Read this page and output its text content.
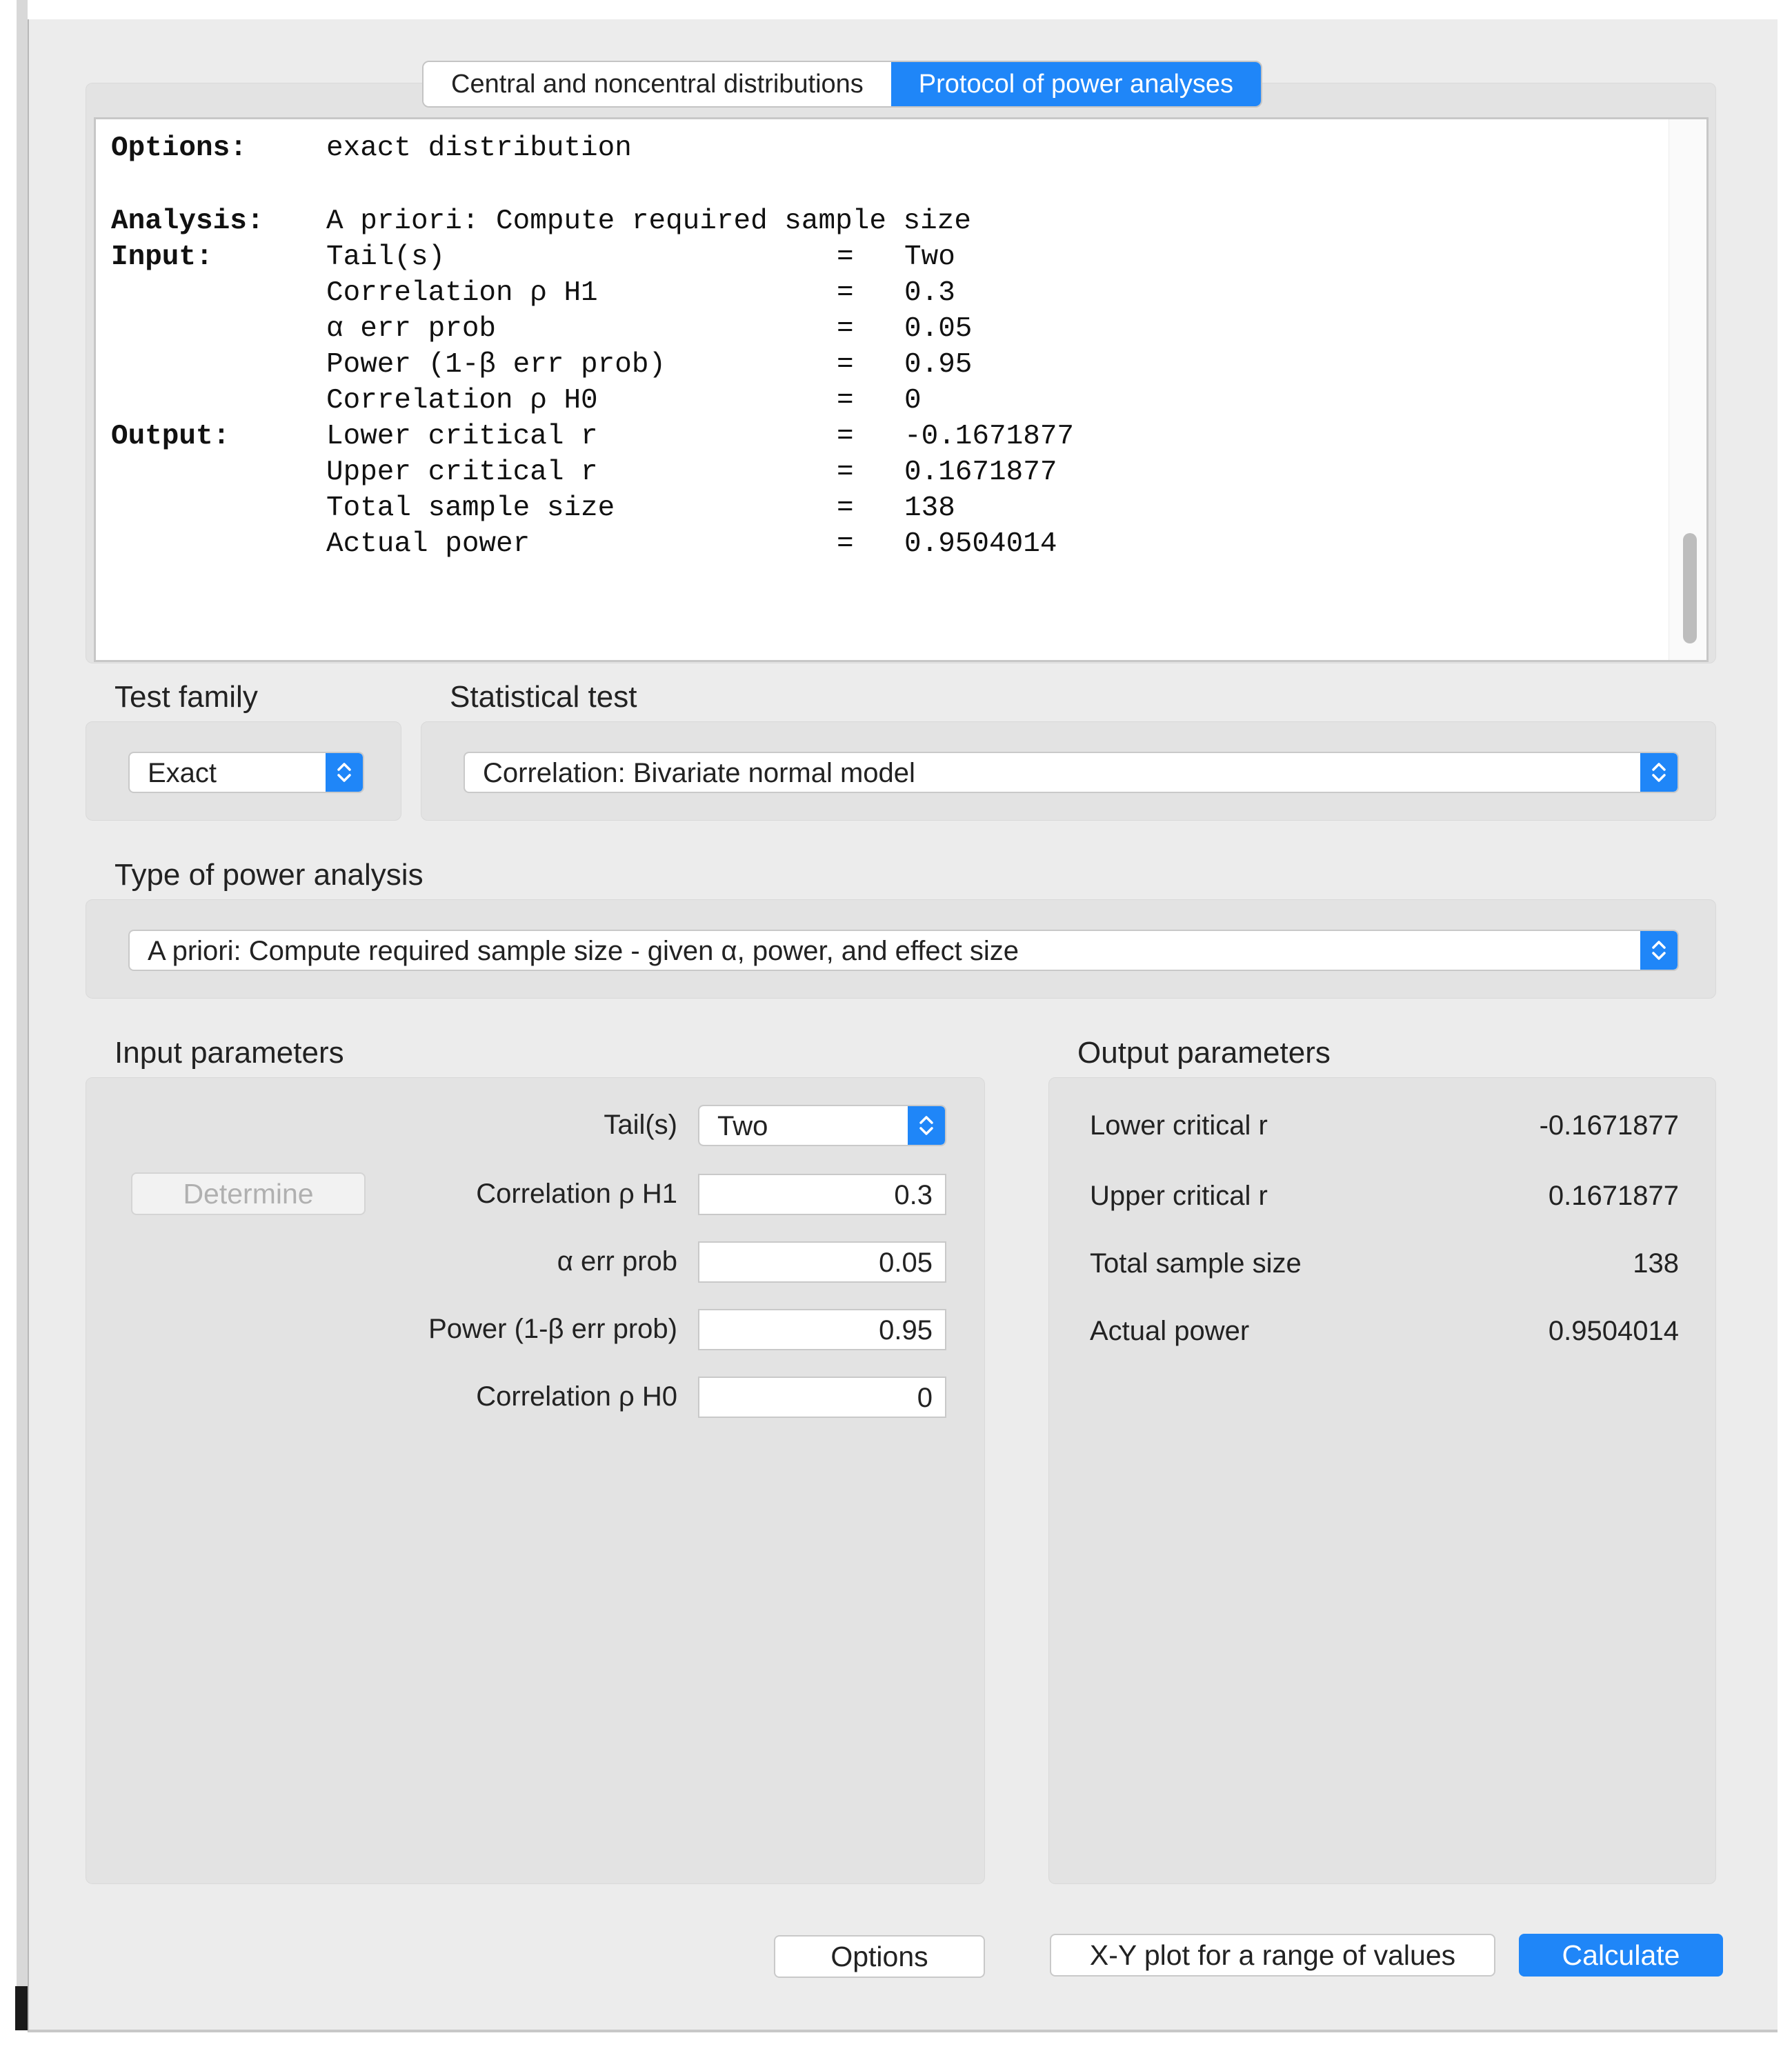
Central and noncentral distributions	Protocol of power analyses
Options:	exact distribution
Analysis: A priori: Compute required sample size
Input:	Tail(s)	= Two
Correlation ρ H1	= 0.3
α err prob	= 0.05
Power (1-β err prob)	= 0.95
Correlation ρ H0	= 0
Output:	Lower critical r	= -0.1671877
Upper critical r	= 0.1671877
Total sample size	= 138
Actual power	= 0.9504014
Test family
Exact
Statistical test
Correlation: Bivariate normal model
Type of power analysis
A priori: Compute required sample size - given α, power, and effect size
Input parameters
Tail(s)	Two
Determine	Correlation ρ H1	0.3
α err prob	0.05
Power (1-β err prob)	0.95
Correlation ρ H0	0
Output parameters
Lower critical r	-0.1671877
Upper critical r	0.1671877
Total sample size	138
Actual power	0.9504014
Options	X-Y plot for a range of values	Calculate
